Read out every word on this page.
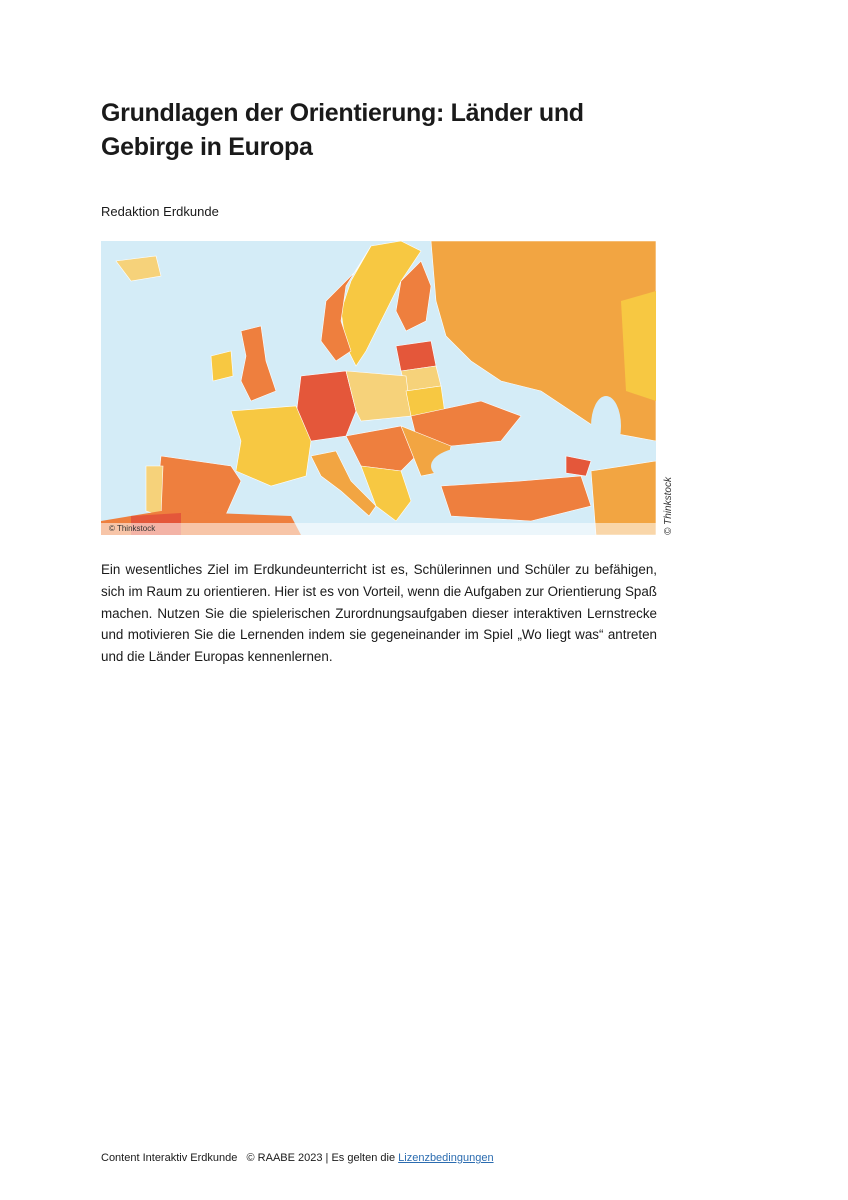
Grundlagen der Orientierung: Länder und Gebirge in Europa
Redaktion Erdkunde
© Thinkstock	© Thinkstock

Ein wesentliches Ziel im Erdkundeunterricht ist es, Schülerinnen und Schüler zu befähigen, sich im Raum zu orientieren. Hier ist es von Vorteil, wenn die Aufgaben zur Orientierung Spaß machen. Nutzen Sie die spielerischen Zurordnungsaufgaben dieser interaktiven Lernstrecke und motivieren Sie die Lernenden indem sie gegeneinander im Spiel „Wo liegt was“ antreten und die Länder Europas kennenlernen.

Content Interaktiv Erdkunde   © RAABE 2023 | Es gelten die Lizenzbedingungen
